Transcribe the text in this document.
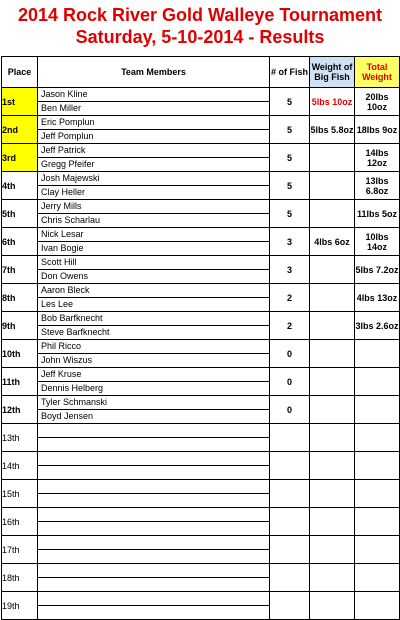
2014 Rock River Gold Walleye Tournament
Saturday, 5-10-2014 - Results
Place	Team Members	# of Fish	Weight of Big Fish	Total Weight
1st	Jason Kline
Ben Miller	5	5lbs 10oz	20lbs 10oz
2nd	Eric Pomplun
Jeff Pomplun	5	5lbs 5.8oz	18lbs 9oz
3rd	Jeff Patrick
Gregg Pfeifer	5		14lbs 12oz
4th	Josh Majewski
Clay Heller	5		13lbs 6.8oz
5th	Jerry Mills
Chris Scharlau	5		11lbs 5oz
6th	Nick Lesar
Ivan Bogie	3	4lbs 6oz	10lbs 14oz
7th	Scott Hill
Don Owens	3		5lbs 7.2oz
8th	Aaron Bleck
Les Lee	2		4lbs 13oz
9th	Bob Barfknecht
Steve Barfknecht	2		3lbs 2.6oz
10th	Phil Ricco
John Wiszus	0		
11th	Jeff Kruse
Dennis Helberg	0		
12th	Tyler Schmanski
Boyd Jensen	0		
13th	

14th	

15th	

16th	

17th	

18th	

19th	
